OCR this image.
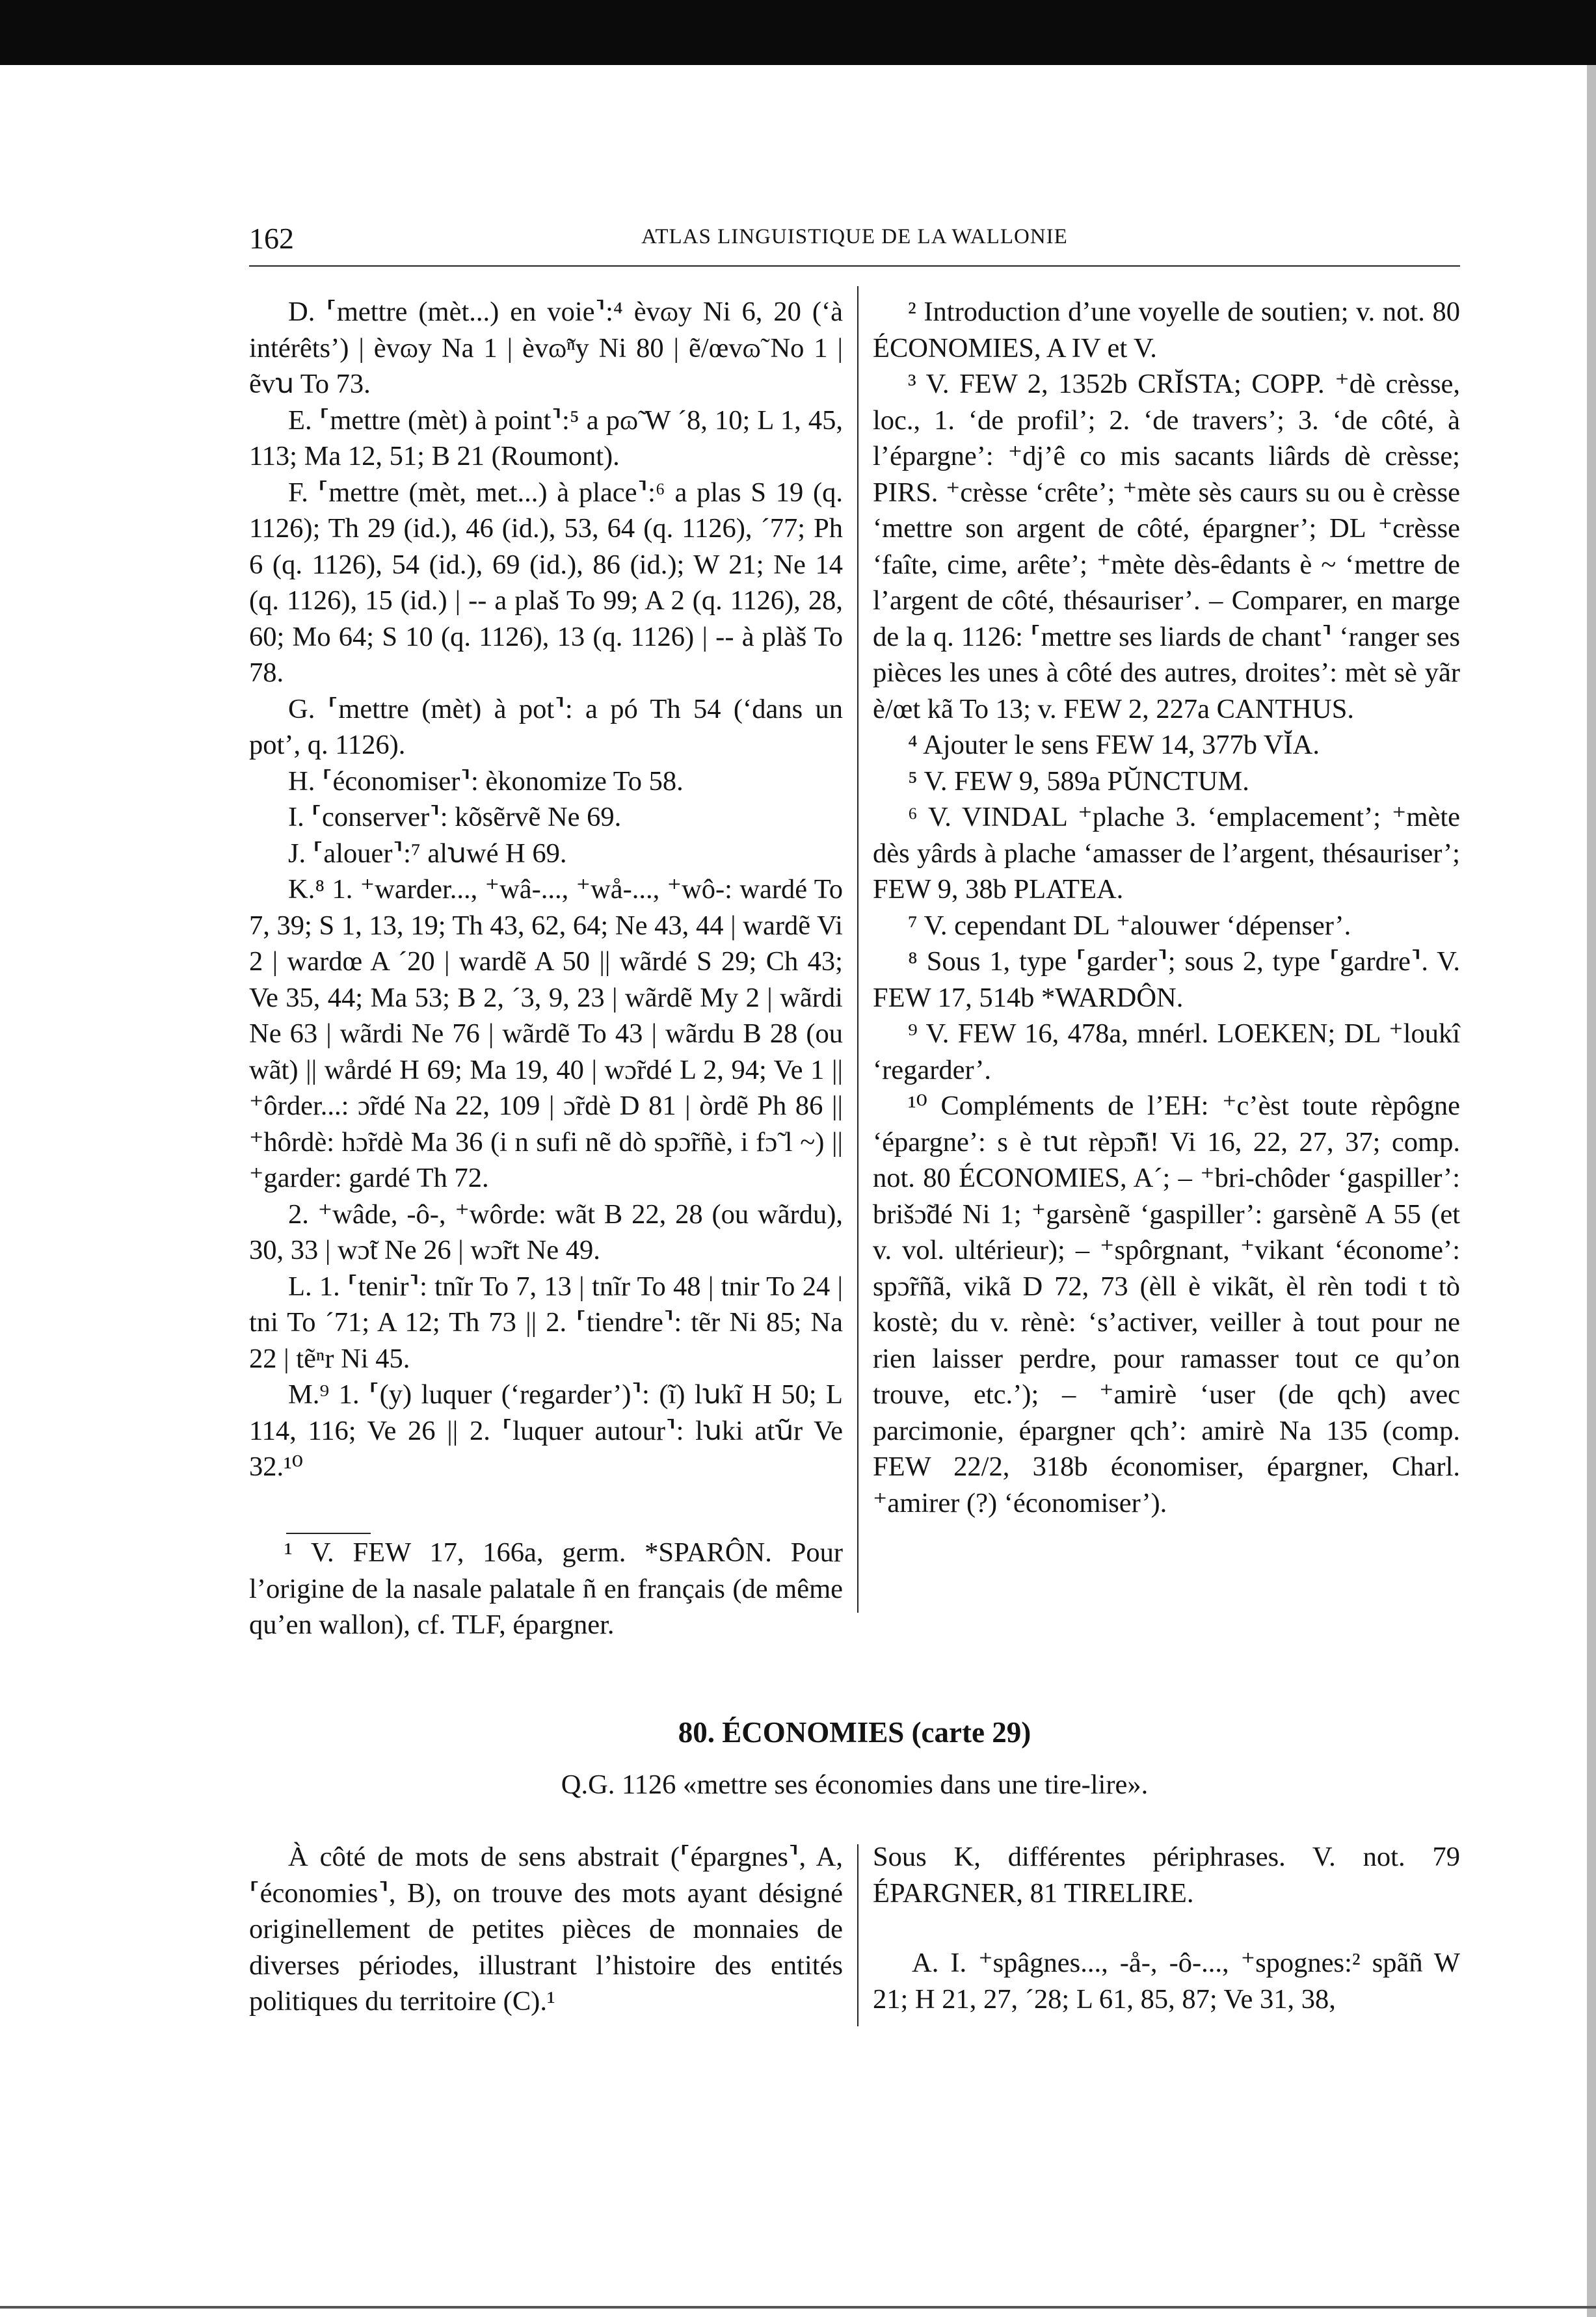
162	ATLAS LINGUISTIQUE DE LA WALLONIE

D. ⸢mettre (mèt...) en voie⸣:⁴ èvɷy Ni 6, 20 (‘à intérêts’) | èvɷy Na 1 | èvɷ̃ⁿy Ni 80 | ẽ/œvɷ̃ No 1 | ẽvꭒ To 73.

E. ⸢mettre (mèt) à point⸣:⁵ a pɷ̃ W ´8, 10; L 1, 45, 113; Ma 12, 51; B 21 (Roumont).

F. ⸢mettre (mèt, met...) à place⸣:⁶ a plas S 19 (q. 1126); Th 29 (id.), 46 (id.), 53, 64 (q. 1126), ´77; Ph 6 (q. 1126), 54 (id.), 69 (id.), 86 (id.); W 21; Ne 14 (q. 1126), 15 (id.) | -- a plaš To 99; A 2 (q. 1126), 28, 60; Mo 64; S 10 (q. 1126), 13 (q. 1126) | -- à plàš To 78.

G. ⸢mettre (mèt) à pot⸣: a pó Th 54 (‘dans un pot’, q. 1126).

H. ⸢économiser⸣: èkonomize To 58.

I. ⸢conserver⸣: kõsẽrvẽ Ne 69.

J. ⸢alouer⸣:⁷ alꭒwé H 69.

K.⁸ 1. ⁺warder..., ⁺wâ-..., ⁺wå-..., ⁺wô-: wardé To 7, 39; S 1, 13, 19; Th 43, 62, 64; Ne 43, 44 | wardẽ Vi 2 | wardœ A ´20 | wardẽ A 50 || wãrdé S 29; Ch 43; Ve 35, 44; Ma 53; B 2, ´3, 9, 23 | wãrdẽ My 2 | wãrdi Ne 63 | wãrdi Ne 76 | wãrdẽ To 43 | wãrdu B 28 (ou wãt) || wårdé H 69; Ma 19, 40 | wɔ̃rdé L 2, 94; Ve 1 || ⁺ôrder...: ɔ̃rdé Na 22, 109 | ɔ̃rdè D 81 | òrdẽ Ph 86 || ⁺hôrdè: hɔ̃rdè Ma 36 (i n sufi nẽ dò spɔ̃rñè, i fɔ̃ l ~) || ⁺garder: gardé Th 72.

2. ⁺wâde, -ô-, ⁺wôrde: wãt B 22, 28 (ou wãrdu), 30, 33 | wɔ̃t Ne 26 | wɔ̃rt Ne 49.

L. 1. ⸢tenir⸣: tnĩr To 7, 13 | tnĩr To 48 | tnir To 24 | tni To ´71; A 12; Th 73 || 2. ⸢tiendre⸣: tẽr Ni 85; Na 22 | tẽⁿr Ni 45.

M.⁹ 1. ⸢(y) luquer (‘regarder’)⸣: (ĩ) lꭒkĩ H 50; L 114, 116; Ve 26 || 2. ⸢luquer autour⸣: lꭒki atꭒ̃r Ve 32.¹⁰

¹ V. FEW 17, 166a, germ. *SPARÔN. Pour l’origine de la nasale palatale ñ en français (de même qu’en wallon), cf. TLF, épargner.

² Introduction d’une voyelle de soutien; v. not. 80 ÉCONOMIES, A IV et V.

³ V. FEW 2, 1352b CRĬSTA; COPP. ⁺dè crèsse, loc., 1. ‘de profil’; 2. ‘de travers’; 3. ‘de côté, à l’épargne’: ⁺dj’ê co mis sacants liârds dè crèsse; PIRS. ⁺crèsse ‘crête’; ⁺mète sès caurs su ou è crèsse ‘mettre son argent de côté, épargner’; DL ⁺crèsse ‘faîte, cime, arête’; ⁺mète dès-êdants è ~ ‘mettre de l’argent de côté, thésauriser’. – Comparer, en marge de la q. 1126: ⸢mettre ses liards de chant⸣ ‘ranger ses pièces les unes à côté des autres, droites’: mèt sè yãr è/œt kã To 13; v. FEW 2, 227a CANTHUS.

⁴ Ajouter le sens FEW 14, 377b VĬA.

⁵ V. FEW 9, 589a PŬNCTUM.

⁶ V. VINDAL ⁺plache 3. ‘emplacement’; ⁺mète dès yârds à plache ‘amasser de l’argent, thésauriser’; FEW 9, 38b PLATEA.

⁷ V. cependant DL ⁺alouwer ‘dépenser’.

⁸ Sous 1, type ⸢garder⸣; sous 2, type ⸢gardre⸣. V. FEW 17, 514b *WARDÔN.

⁹ V. FEW 16, 478a, mnérl. LOEKEN; DL ⁺loukî ‘regarder’.

¹⁰ Compléments de l’EH: ⁺c’èst toute rèpôgne ‘épargne’: s è tꭒt rèpɔ̃ñ! Vi 16, 22, 27, 37; comp. not. 80 ÉCONOMIES, A´; – ⁺bri-chôder ‘gaspiller’: brišɔ̃dé Ni 1; ⁺garsènẽ ‘gaspiller’: garsènẽ A 55 (et v. vol. ultérieur); – ⁺spôrgnant, ⁺vikant ‘économe’: spɔ̃rñã, vikã D 72, 73 (èll è vikãt, èl rèn todi t tò kostè; du v. rènè: ‘s’activer, veiller à tout pour ne rien laisser perdre, pour ramasser tout ce qu’on trouve, etc.’); – ⁺amirè ‘user (de qch) avec parcimonie, épargner qch’: amirè Na 135 (comp. FEW 22/2, 318b économiser, épargner, Charl. ⁺amirer (?) ‘économiser’).

80. ÉCONOMIES (carte 29)
Q.G. 1126 «mettre ses économies dans une tire-lire».

À côté de mots de sens abstrait (⸢épargnes⸣, A, ⸢économies⸣, B), on trouve des mots ayant désigné originellement de petites pièces de monnaies de diverses périodes, illustrant l’histoire des entités politiques du territoire (C).¹

Sous K, différentes périphrases. V. not. 79 ÉPARGNER, 81 TIRELIRE.

A. I. ⁺spâgnes..., -å-, -ô-..., ⁺spognes:² spãñ W 21; H 21, 27, ´28; L 61, 85, 87; Ve 31, 38,
